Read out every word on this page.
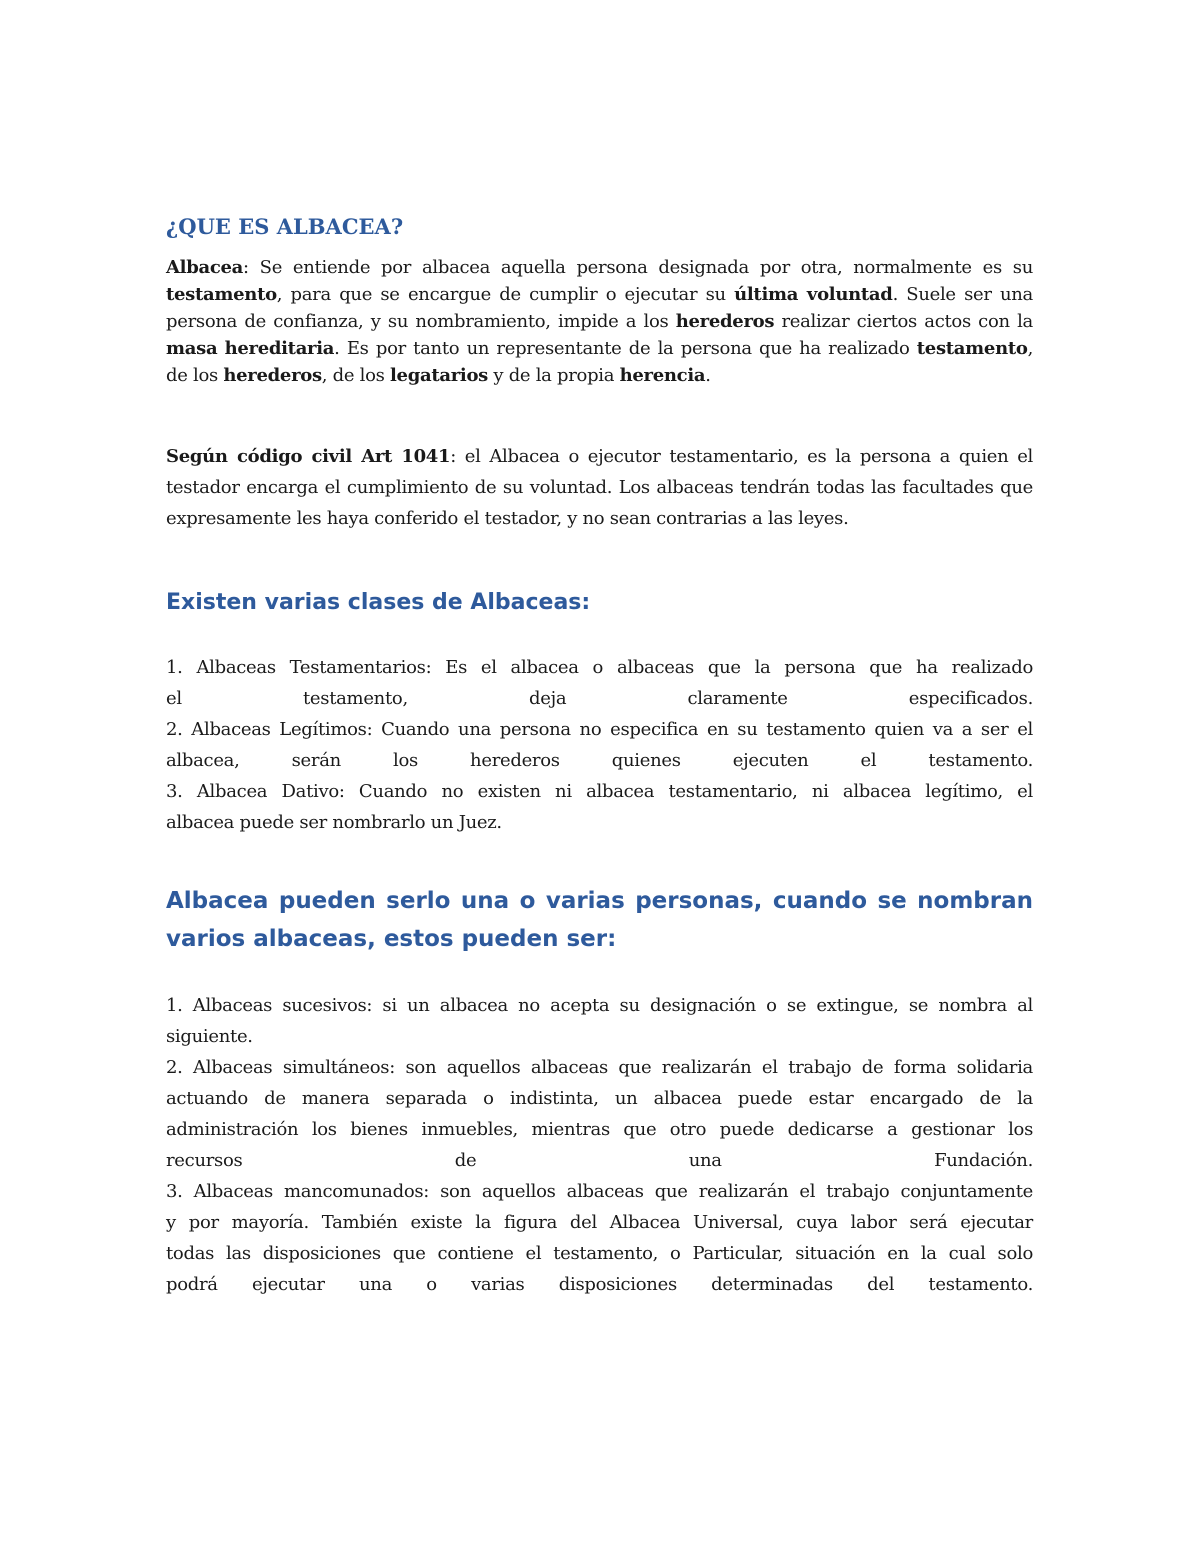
¿QUE ES ALBACEA?

Albacea: Se entiende por albacea aquella persona designada por otra, normalmente es su testamento, para que se encargue de cumplir o ejecutar su última voluntad. Suele ser una persona de confianza, y su nombramiento, impide a los herederos realizar ciertos actos con la masa hereditaria. Es por tanto un representante de la persona que ha realizado testamento, de los herederos, de los legatarios y de la propia herencia.

Según código civil Art 1041: el Albacea o ejecutor testamentario, es la persona a quien el testador encarga el cumplimiento de su voluntad. Los albaceas tendrán todas las facultades que expresamente les haya conferido el testador, y no sean contrarias a las leyes.

Existen varias clases de Albaceas:
1. Albaceas Testamentarios: Es el albacea o albaceas que la persona que ha realizado
el testamento, deja claramente especificados.
2. Albaceas Legítimos: Cuando una persona no especifica en su testamento quien va a ser el
albacea, serán los herederos quienes ejecuten el testamento.
3. Albacea Dativo: Cuando no existen ni albacea testamentario, ni albacea legítimo, el
albacea puede ser nombrarlo un Juez.
Albacea pueden serlo una o varias personas, cuando se nombran varios albaceas, estos pueden ser:
1. Albaceas sucesivos: si un albacea no acepta su designación o se extingue, se nombra al
siguiente.
2. Albaceas simultáneos: son aquellos albaceas que realizarán el trabajo de forma solidaria
actuando de manera separada o indistinta, un albacea puede estar encargado de la
administración los bienes inmuebles, mientras que otro puede dedicarse a gestionar los
recursos de una Fundación.
3. Albaceas mancomunados: son aquellos albaceas que realizarán el trabajo conjuntamente
y por mayoría. También existe la figura del Albacea Universal, cuya labor será ejecutar
todas las disposiciones que contiene el testamento, o Particular, situación en la cual solo
podrá ejecutar una o varias disposiciones determinadas del testamento.
